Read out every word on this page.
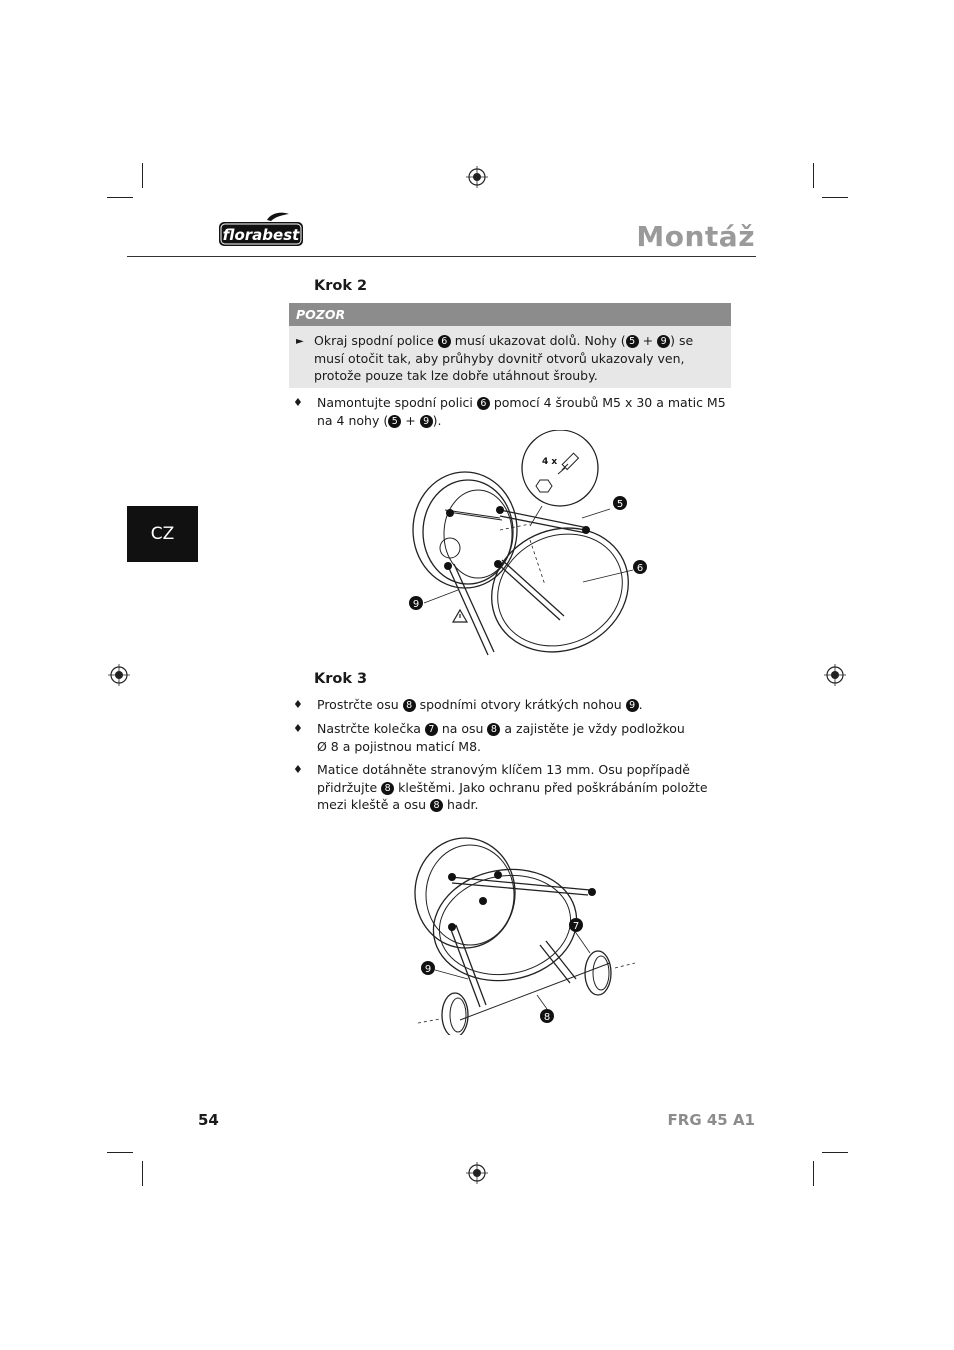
florabest	Montáž
CZ
Krok 2
POZOR
► Okraj spodní police 6 musí ukazovat dolů. Nohy ( 5 + 9 ) se musí otočit tak, aby průhyby dovnitř otvorů ukazovaly ven, protože pouze tak lze dobře utáhnout šrouby.
♦ Namontujte spodní polici 6 pomocí 4 šroubů M5 x 30 a matic M5 na 4 nohy ( 5 + 9 ).
4 x
5
6
9
Krok 3
♦ Prostrčte osu 8 spodními otvory krátkých nohou 9 .
♦ Nastrčte kolečka 7 na osu 8 a zajistěte je vždy podložkou Ø 8 a pojistnou maticí M8.
♦ Matice dotáhněte stranovým klíčem 13 mm. Osu popřípadě přidržujte 8 kleštěmi. Jako ochranu před poškrábáním položte mezi kleště a osu 8 hadr.
7
9
8
54	FRG 45 A1
